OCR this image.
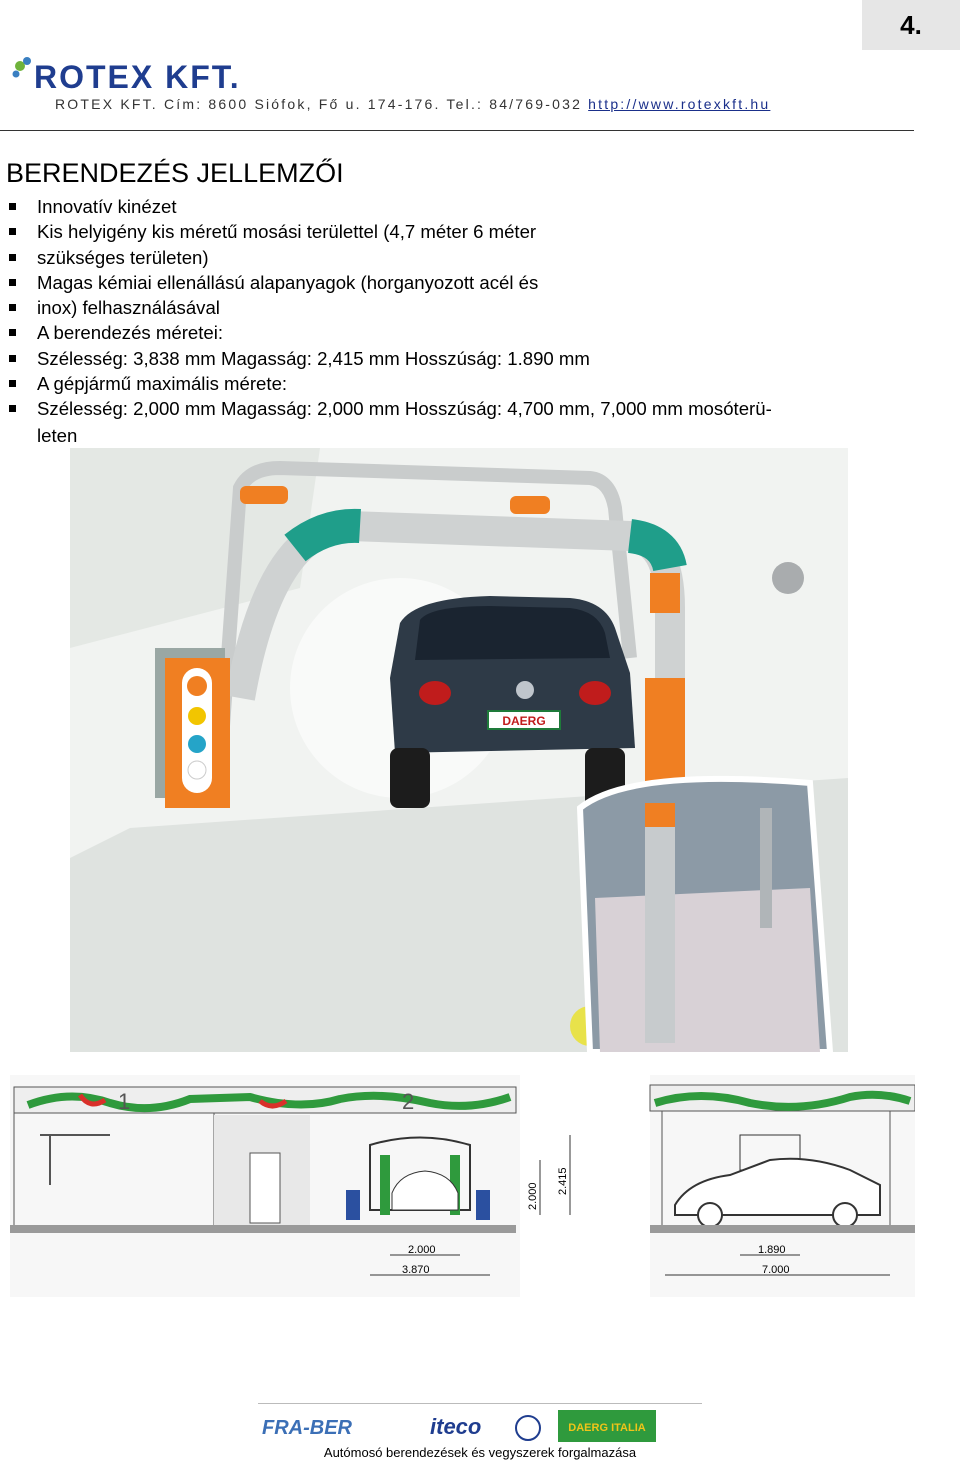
4.
ROTEX KFT.
ROTEX KFT. Cím: 8600 Siófok, Fő u. 174-176. Tel.: 84/769-032 http://www.rotexkft.hu
BERENDEZÉS JELLEMZŐI
Innovatív kinézet
Kis helyigény kis méretű mosási területtel (4,7 méter 6 méter
szükséges területen)
Magas kémiai ellenállású alapanyagok (horganyozott acél és
inox) felhasználásával
A berendezés méretei:
Szélesség: 3,838 mm Magasság: 2,415 mm Hosszúság: 1.890 mm
A gépjármű maximális mérete:
Szélesség: 2,000 mm Magasság: 2,000 mm Hosszúság: 4,700 mm, 7,000 mm mosóterü-
leten
DAERG
1	2
2.000
2.415
2.000
3.870
1.890
7.000
FRA-BER	iteco	DAERG ITALIA
Autómosó berendezések és vegyszerek forgalmazása
